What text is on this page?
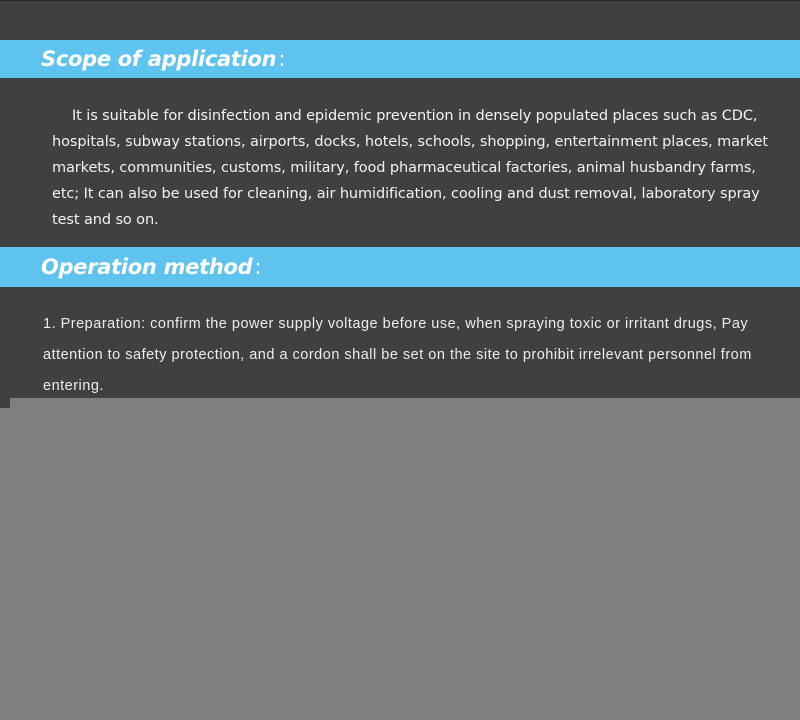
Scope of application:

It is suitable for disinfection and epidemic prevention in densely populated places such as CDC, hospitals, subway stations, airports, docks, hotels, schools, shopping, entertainment places, market markets, communities, customs, military, food pharmaceutical factories, animal husbandry farms, etc; It can also be used for cleaning, air humidification, cooling and dust removal, laboratory spray test and so on.

Operation method:

1. Preparation: confirm the power supply voltage before use, when spraying toxic or irritant drugs, Pay attention to safety protection, and a cordon shall be set on the site to prohibit irrelevant personnel from entering.
